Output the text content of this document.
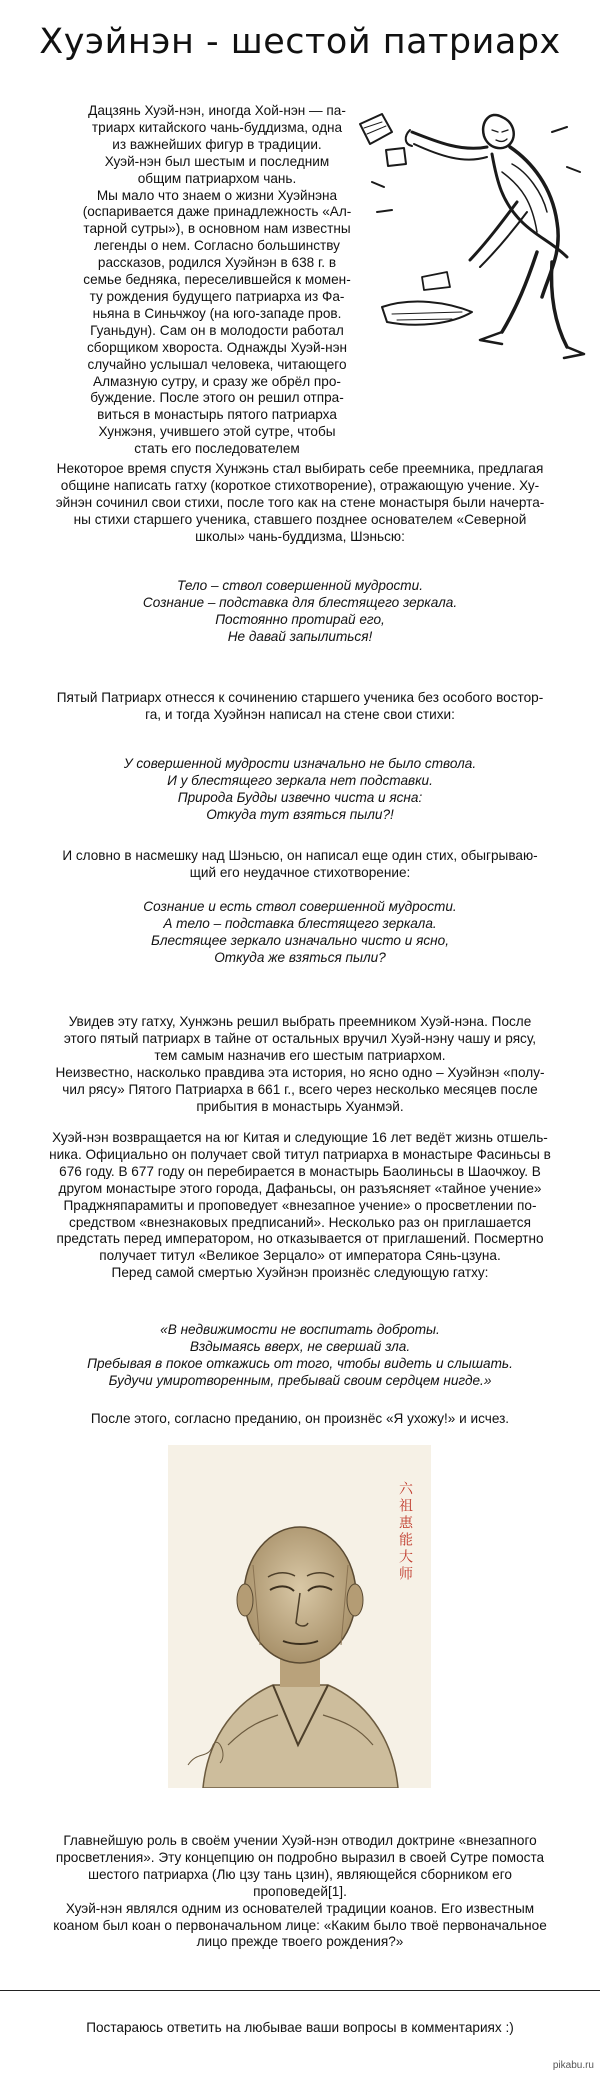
Хуэйнэн - шестой патриарх
Дацзянь Хуэй-нэн, иногда Хой-нэн — па-
триарх китайского чань-буддизма, одна
из важнейших фигур в традиции.
Хуэй-нэн был шестым и последним
общим патриархом чань.
Мы мало что знаем о жизни Хуэйнэна
(оспаривается даже принадлежность «Ал-
тарной сутры»), в основном нам известны
легенды о нем. Согласно большинству
рассказов, родился Хуэйнэн в 638 г. в
семье бедняка, переселившейся к момен-
ту рождения будущего патриарха из Фа-
ньяна в Синьчжоу (на юго-западе пров.
Гуаньдун). Сам он в молодости работал
сборщиком хвороста. Однажды Хуэй-нэн
случайно услышал человека, читающего
Алмазную сутру, и сразу же обрёл про-
буждение. После этого он решил отпра-
виться в монастырь пятого патриарха
Хунжэня, учившего этой сутре, чтобы
стать его последователем
Некоторое время спустя Хунжэнь стал выбирать себе преемника, предлагая
общине написать гатху (короткое стихотворение), отражающую учение. Ху-
эйнэн сочинил свои стихи, после того как на стене монастыря были начерта-
ны стихи старшего ученика, ставшего позднее основателем «Северной
школы» чань-буддизма, Шэньсю:
Тело – ствол совершенной мудрости.
Сознание – подставка для блестящего зеркала.
Постоянно протирай его,
Не давай запылиться!
Пятый Патриарх отнесся к сочинению старшего ученика без особого востор-
га, и тогда Хуэйнэн написал на стене свои стихи:
У совершенной мудрости изначально не было ствола.
И у блестящего зеркала нет подставки.
Природа Будды извечно чиста и ясна:
Откуда тут взяться пыли?!
И словно в насмешку над Шэньсю, он написал еще один стих, обыгрываю-
щий его неудачное стихотворение:
Сознание и есть ствол совершенной мудрости.
А тело – подставка блестящего зеркала.
Блестящее зеркало изначально чисто и ясно,
Откуда же взяться пыли?
Увидев эту гатху, Хунжэнь решил выбрать преемником Хуэй-нэна. После
этого пятый патриарх в тайне от остальных вручил Хуэй-нэну чашу и рясу,
тем самым назначив его шестым патриархом.
Неизвестно, насколько правдива эта история, но ясно одно – Хуэйнэн «полу-
чил рясу» Пятого Патриарха в 661 г., всего через несколько месяцев после
прибытия в монастырь Хуанмэй.
Хуэй-нэн возвращается на юг Китая и следующие 16 лет ведёт жизнь отшель-
ника. Официально он получает свой титул патриарха в монастыре Фасиньсы в
676 году. В 677 году он перебирается в монастырь Баолиньсы в Шаочжоу. В
другом монастыре этого города, Дафаньсы, он разъясняет «тайное учение»
Праджняпарамиты и проповедует «внезапное учение» о просветлении по-
средством «внезнаковых предписаний». Несколько раз он приглашается
предстать перед императором, но отказывается от приглашений. Посмертно
получает титул «Великое Зерцало» от императора Сянь-цзуна.
Перед самой смертью Хуэйнэн произнёс следующую гатху:
«В недвижимости не воспитать доброты.
Вздымаясь вверх, не свершай зла.
Пребывая в покое откажись от того, чтобы видеть и слышать.
Будучи умиротворенным, пребывай своим сердцем нигде.»

После этого, согласно преданию, он произнёс «Я ухожу!» и исчез.

六祖惠能大师
Главнейшую роль в своём учении Хуэй-нэн отводил доктрине «внезапного
просветления». Эту концепцию он подробно выразил в своей Сутре помоста
шестого патриарха (Лю цзу тань цзин), являющейся сборником его
проповедей[1].
Хуэй-нэн являлся одним из основателей традиции коанов. Его известным
коаном был коан о первоначальном лице: «Каким было твоё первоначальное
лицо прежде твоего рождения?»

Постараюсь ответить на любывае ваши вопросы в комментариях :)

pikabu.ru
